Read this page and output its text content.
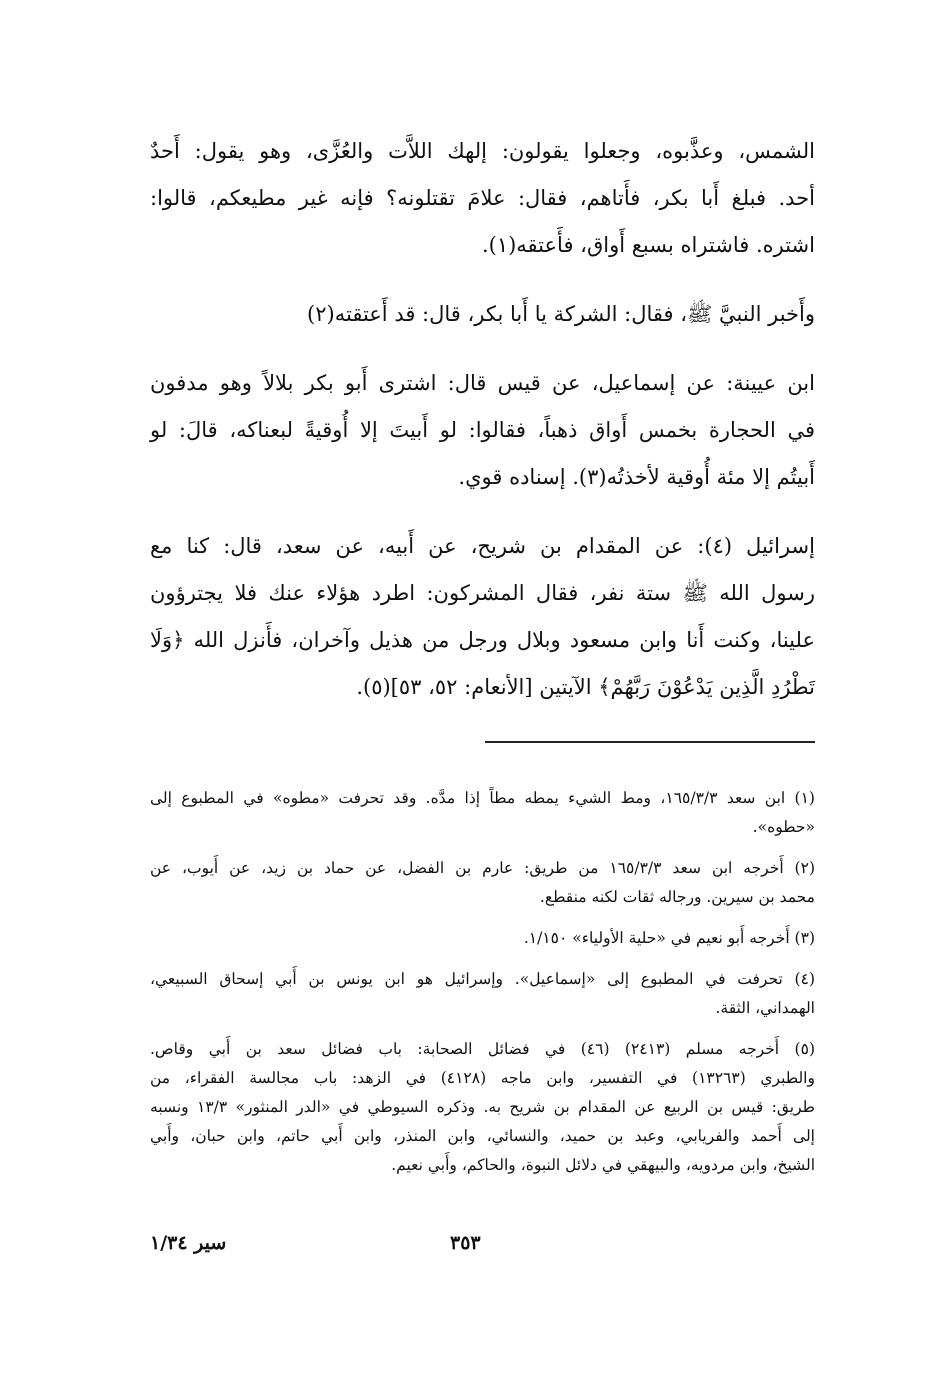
الشمس، وعذَّبوه، وجعلوا يقولون: إلهك اللاَّت والعُزَّى، وهو يقول: أَحدٌ
أحد. فبلغ أَبا بكر، فأَتاهم، فقال: علامَ تقتلونه؟ فإنه غير مطيعكم، قالوا:
اشتره. فاشتراه بسبع أَواق، فأَعتقه(١).

وأَخبر النبيَّ ﷺ، فقال: الشركة يا أَبا بكر، قال: قد أَعتقته(٢)

ابن عيينة: عن إسماعيل، عن قيس قال: اشترى أَبو بكر بلالاً وهو مدفون
في الحجارة بخمس أَواق ذهباً، فقالوا: لو أَبيتَ إلا أُوقيةً لبعناكه، قالَ: لو
أَبيتُم إلا مئة أُوقية لأخذتُه(٣). إسناده قوي.

إسرائيل (٤): عن المقدام بن شريح، عن أَبيه، عن سعد، قال: كنا مع
رسول الله ﷺ ستة نفر، فقال المشركون: اطرد هؤلاء عنك فلا يجترؤون
علينا، وكنت أَنا وابن مسعود وبلال ورجل من هذيل وآخران، فأَنزل الله ﴿وَلَا
تَطْرُدِ الَّذِين يَدْعُوْنَ رَبَّهُمْ﴾ الآيتين [الأنعام: ٥٢، ٥٣](٥).

(١) ابن سعد ١٦٥/٣/٣، ومط الشيء يمطه مطاً إذا مدَّه. وقد تحرفت «مطوه» في المطبوع إلى
«حطوه».

(٢) أَخرجه ابن سعد ١٦٥/٣/٣ من طريق: عارم بن الفضل، عن حماد بن زيد، عن أَيوب، عن
محمد بن سيرين. ورجاله ثقات لكنه منقطع.

(٣) أَخرجه أَبو نعيم في «حلية الأولياء» ١/١٥٠.

(٤) تحرفت في المطبوع إلى «إسماعيل». وإسرائيل هو ابن يونس بن أَبي إسحاق السبيعي،
الهمداني، الثقة.

(٥) أَخرجه مسلم (٢٤١٣) (٤٦) في فضائل الصحابة: باب فضائل سعد بن أَبي وقاص.
والطبري (١٣٢٦٣) في التفسير، وابن ماجه (٤١٢٨) في الزهد: باب مجالسة الفقراء، من
طريق: قيس بن الربيع عن المقدام بن شريح به. وذكره السيوطي في «الدر المنثور» ١٣/٣ ونسبه
إلى أَحمد والفريابي، وعبد بن حميد، والنسائي، وابن المنذر، وابن أَبي حاتم، وابن حبان، وأَبي
الشيخ، وابن مردويه، والبيهقي في دلائل النبوة، والحاكم، وأَبي نعيم.

٣٥٣
سير ١/٣٤
